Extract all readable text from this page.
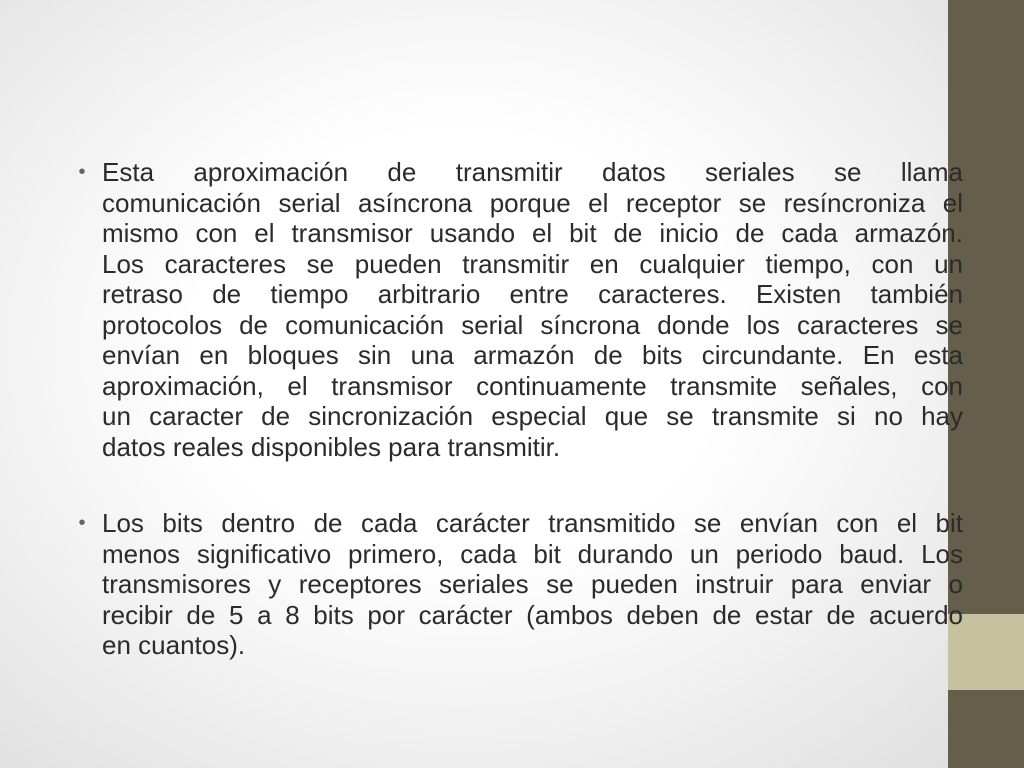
• Esta aproximación de transmitir datos seriales se llama
comunicación serial asíncrona porque el receptor se resíncroniza el
mismo con el transmisor usando el bit de inicio de cada armazón.
Los caracteres se pueden transmitir en cualquier tiempo, con un
retraso de tiempo arbitrario entre caracteres. Existen también
protocolos de comunicación serial síncrona donde los caracteres se
envían en bloques sin una armazón de bits circundante. En esta
aproximación, el transmisor continuamente transmite señales, con
un caracter de sincronización especial que se transmite si no hay
datos reales disponibles para transmitir.
• Los bits dentro de cada carácter transmitido se envían con el bit
menos significativo primero, cada bit durando un periodo baud. Los
transmisores y receptores seriales se pueden instruir para enviar o
recibir de 5 a 8 bits por carácter (ambos deben de estar de acuerdo
en cuantos).
